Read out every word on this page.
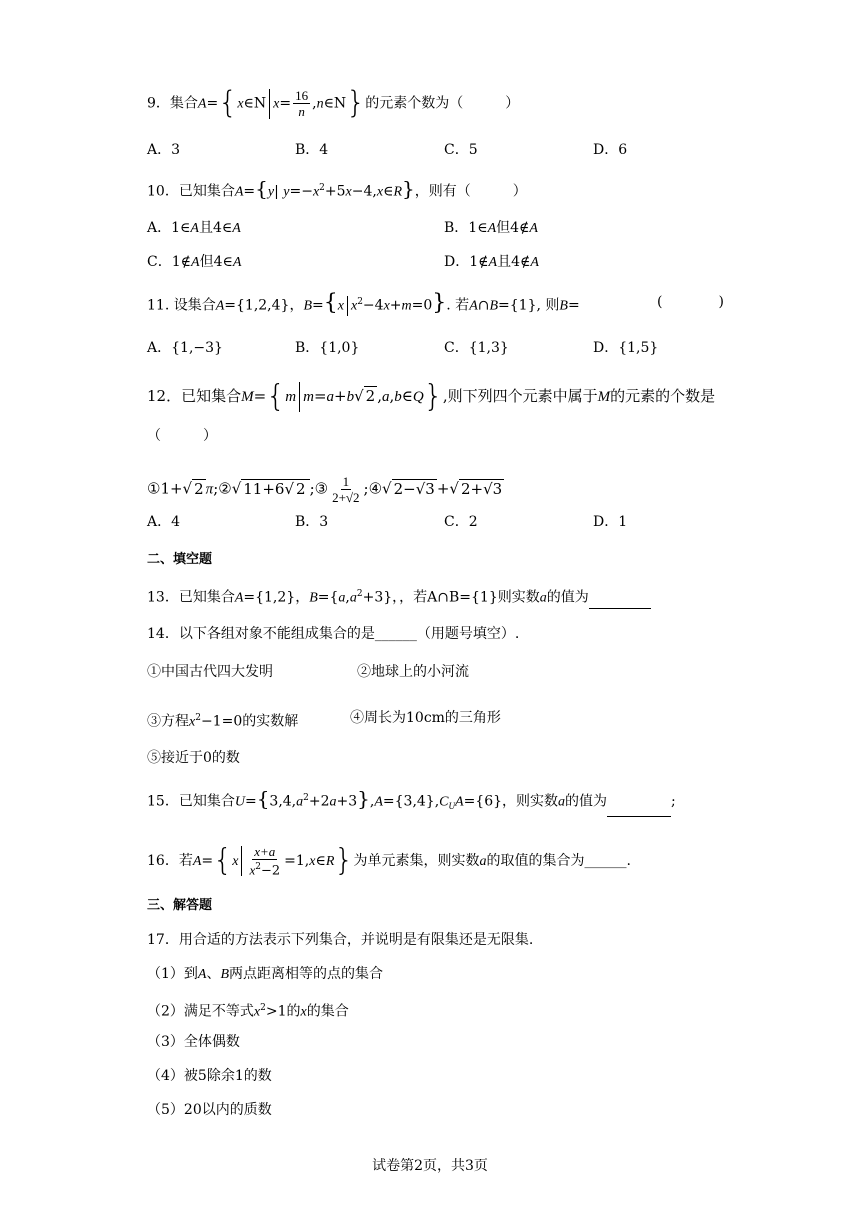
9．集合A={x∈N $x= \frac{16}{n}$ ,n∈N}的元素个数为（　　　）
A．3	B．4	C．5	D．6
10．已知集合A={y| $y=-x^2+5x-4,x\in R$}，则有（　　　）
A．1∈A且4∈A	B．1∈A但4∉A
C．1∉A但4∈A	D．1∉A且4∉A
11. 设集合A={1,2,4}，B={x $x^2-4x+m=0$}. 若A∩B={1}, 则B=	(　　　　)
A．{1,−3}	B．{1,0}	C．{1,3}	D．{1,5}
12．已知集合M={m m=a+b√ 2 ,a,b∈Q},则下列四个元素中属于M的元素的个数是
（　　　）
①1+√ 2 π;②√ 11+6√ 2 ;③ $\frac{1}{2+√2}$ ;④√ 2−√3 +√ 2+√3
A．4	B．3	C．2	D．1
二、填空题
13．已知集合A={1,2}，$B=\{a,a^2+3\}$，，若A∩B={1}则实数a的值为
14．以下各组对象不能组成集合的是______（用题号填空）.
①中国古代四大发明	②地球上的小河流
③方程$x^2-1=0$的实数解	④周长为10cm的三角形
⑤接近于0的数
15．已知集合$U=\{3,4,a^2+2a+3\},A=\{3,4\},C_UA=\{6\}$，则实数a的值为	;
16．若$A=\{x \frac{x+a}{x^2-2}$ =1,x∈R}为单元素集，则实数a的取值的集合为______.
三、解答题
17．用合适的方法表示下列集合，并说明是有限集还是无限集.
（1）到A、B两点距离相等的点的集合
（2）满足不等式$x^2>1$的x的集合
（3）全体偶数
（4）被5除余1的数
（5）20以内的质数
试卷第2页，共3页
